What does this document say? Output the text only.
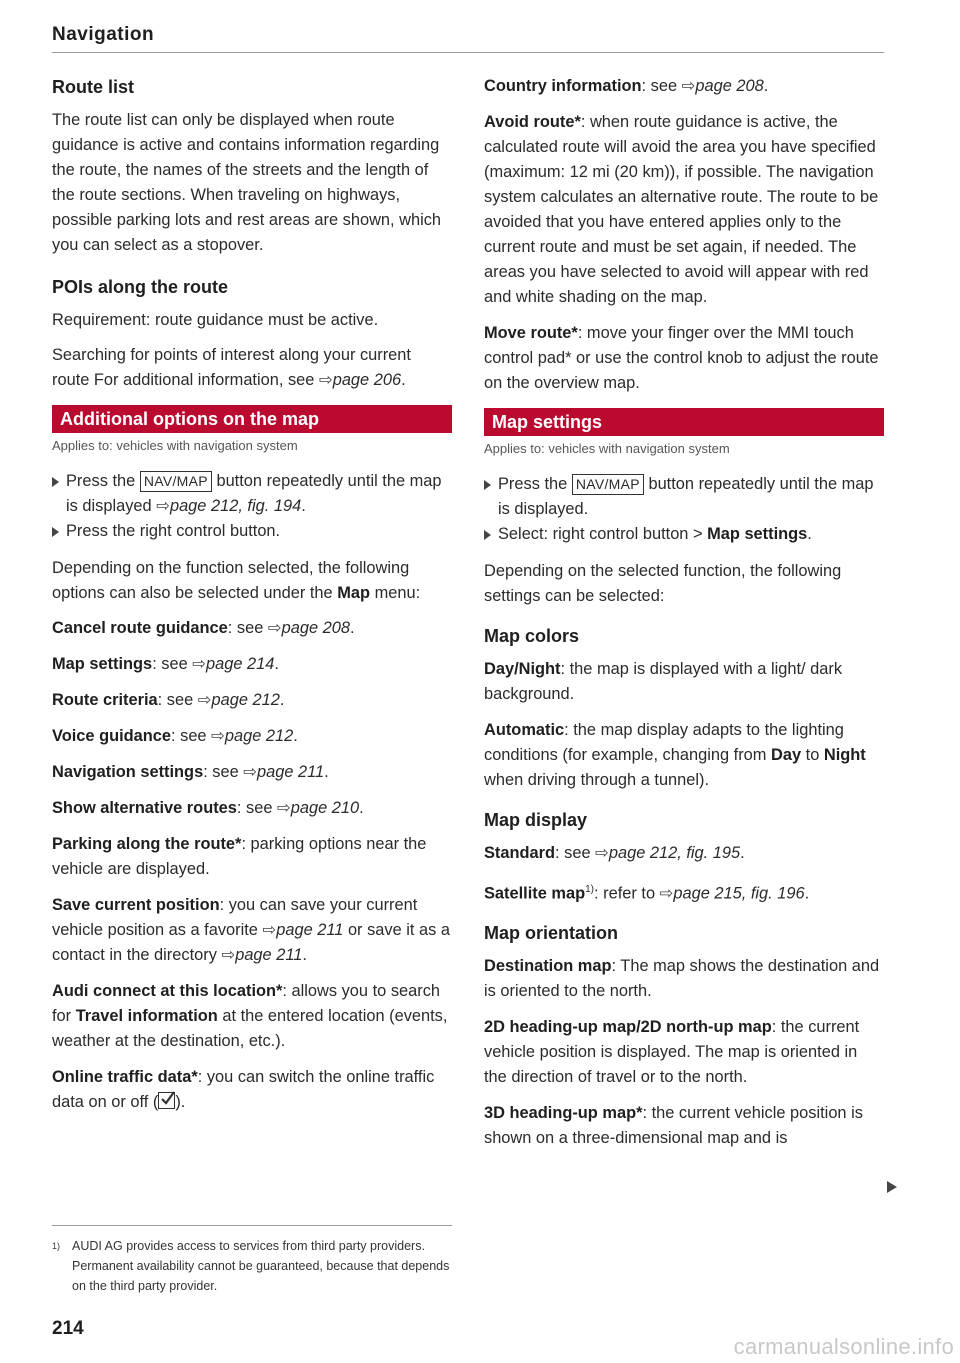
Navigation
Route list

The route list can only be displayed when route guidance is active and contains information regarding the route, the names of the streets and the length of the route sections. When traveling on highways, possible parking lots and rest areas are shown, which you can select as a stopover.

POIs along the route

Requirement: route guidance must be active.

Searching for points of interest along your current route For additional information, see ⇨page 206.

Additional options on the map
Applies to: vehicles with navigation system
Press the NAV/MAP button repeatedly until the map is displayed ⇨page 212, fig. 194.
Press the right control button.

Depending on the function selected, the following options can also be selected under the Map menu:

Cancel route guidance: see ⇨page 208.
Map settings: see ⇨page 214.
Route criteria: see ⇨page 212.
Voice guidance: see ⇨page 212.
Navigation settings: see ⇨page 211.
Show alternative routes: see ⇨page 210.
Parking along the route*: parking options near the vehicle are displayed.
Save current position: you can save your current vehicle position as a favorite ⇨page 211 or save it as a contact in the directory ⇨page 211.
Audi connect at this location*: allows you to search for Travel information at the entered location (events, weather at the destination, etc.).
Online traffic data*: you can switch the online traffic data on or off ( ).
Country information: see ⇨page 208.
Avoid route*: when route guidance is active, the calculated route will avoid the area you have specified (maximum: 12 mi (20 km)), if possible. The navigation system calculates an alternative route. The route to be avoided that you have entered applies only to the current route and must be set again, if needed. The areas you have selected to avoid will appear with red and white shading on the map.
Move route*: move your finger over the MMI touch control pad* or use the control knob to adjust the route on the overview map.
Map settings
Applies to: vehicles with navigation system
Press the NAV/MAP button repeatedly until the map is displayed.
Select: right control button > Map settings.

Depending on the selected function, the following settings can be selected:

Map colors
Day/Night: the map is displayed with a light/ dark background.
Automatic: the map display adapts to the lighting conditions (for example, changing from Day to Night when driving through a tunnel).
Map display
Standard: see ⇨page 212, fig. 195.
Satellite map$^{1)}$: refer to ⇨page 215, fig. 196.
Map orientation
Destination map: The map shows the destination and is oriented to the north.
2D heading-up map/2D north-up map: the current vehicle position is displayed. The map is oriented in the direction of travel or to the north.
3D heading-up map*: the current vehicle position is shown on a three-dimensional map and is
1) AUDI AG provides access to services from third party providers. Permanent availability cannot be guaranteed, because that depends on the third party provider.
214
carmanualsonline.info
